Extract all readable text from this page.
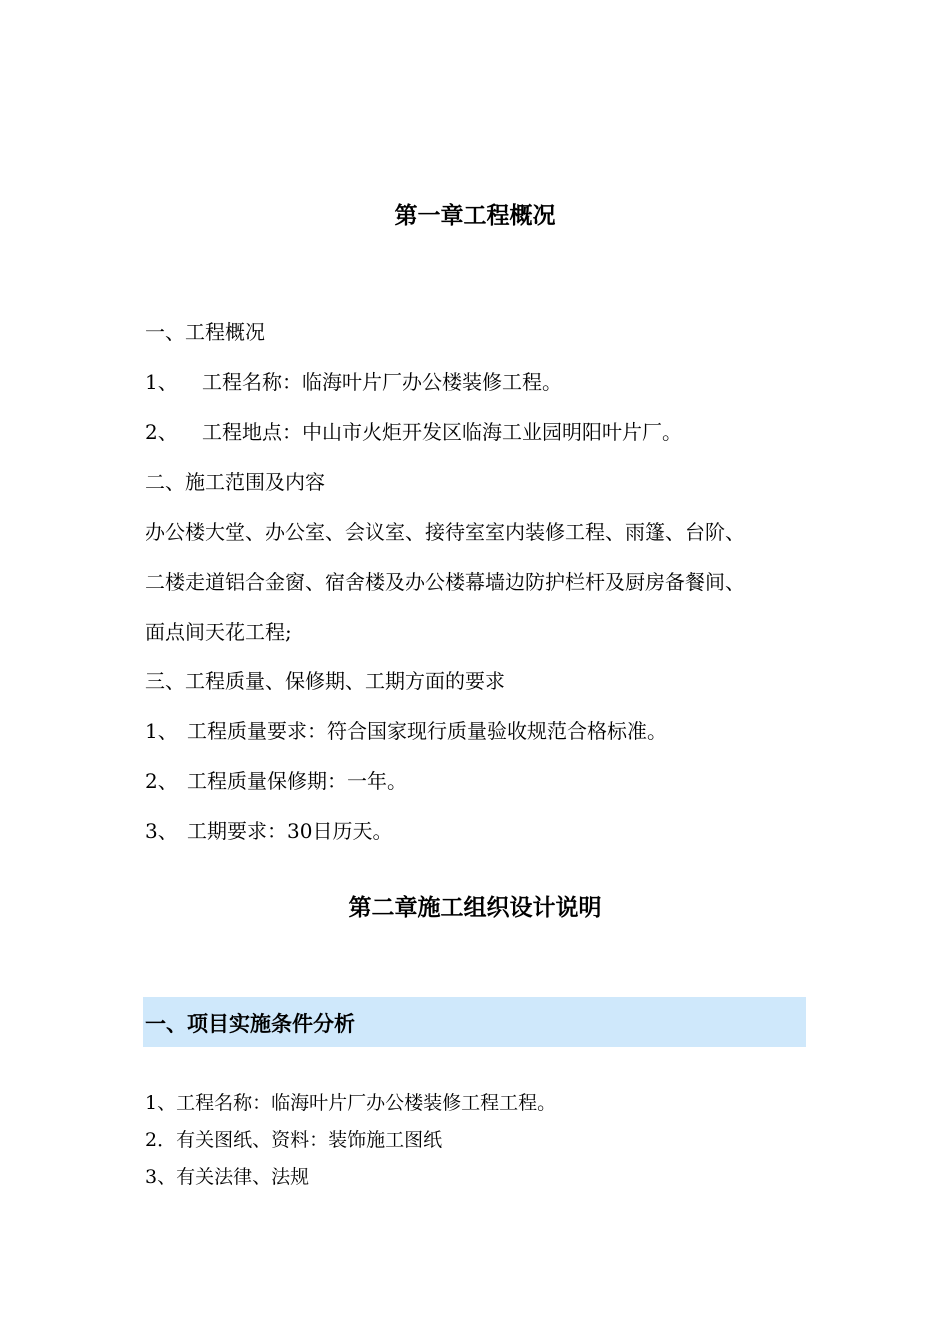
第一章工程概况
一、工程概况
1、 工程名称：临海叶片厂办公楼装修工程。
2、 工程地点：中山市火炬开发区临海工业园明阳叶片厂。
二、施工范围及内容
办公楼大堂、办公室、会议室、接待室室内装修工程、雨篷、台阶、
二楼走道铝合金窗、宿舍楼及办公楼幕墙边防护栏杆及厨房备餐间、
面点间天花工程;
三、工程质量、保修期、工期方面的要求
1、 工程质量要求：符合国家现行质量验收规范合格标准。
2、 工程质量保修期：一年。
3、 工期要求：30日历天。
第二章施工组织设计说明
一、项目实施条件分析
1、工程名称：临海叶片厂办公楼装修工程工程。
2．有关图纸、资料：装饰施工图纸
3、有关法律、法规
